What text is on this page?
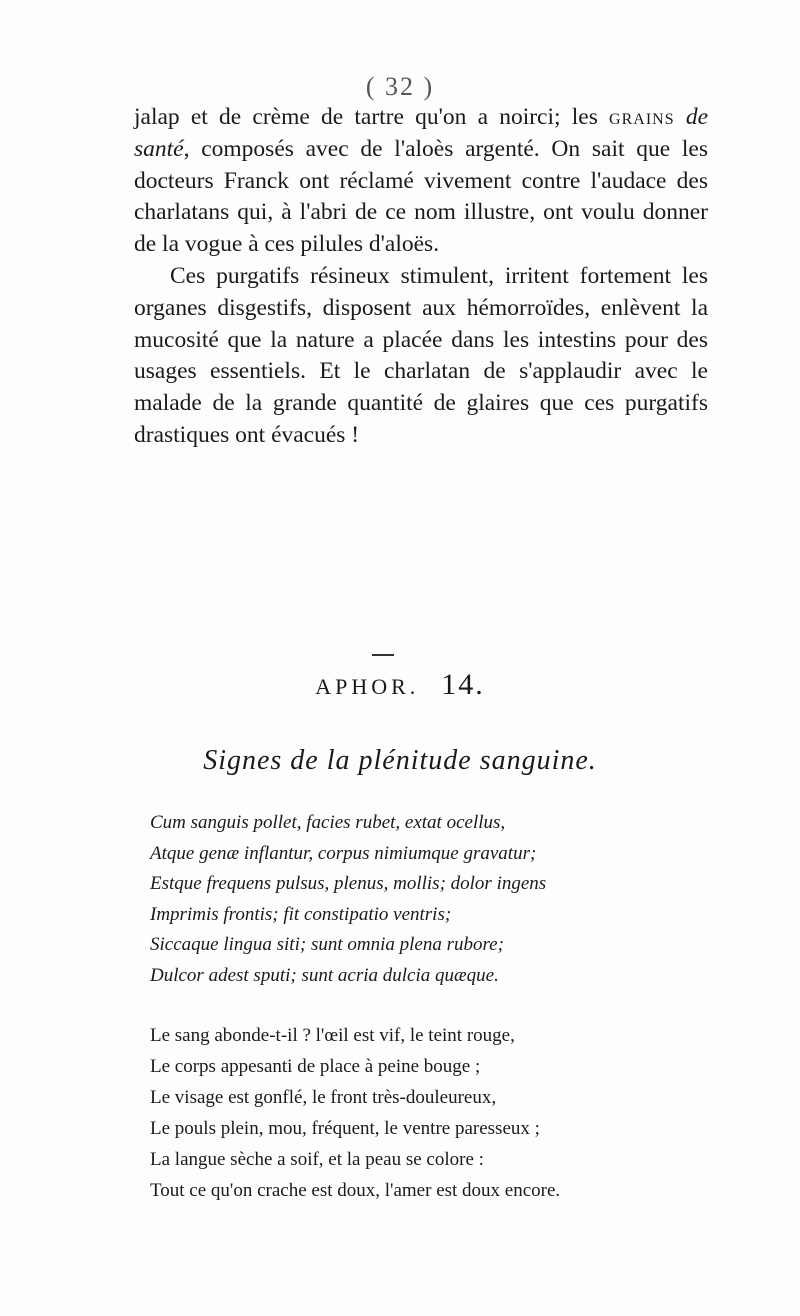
( 32 )

jalap et de crème de tartre qu'on a noirci; les grains de santé, composés avec de l'aloès argenté. On sait que les docteurs Franck ont réclamé vivement contre l'audace des charlatans qui, à l'abri de ce nom illustre, ont voulu donner de la vogue à ces pilules d'aloës.

Ces purgatifs résineux stimulent, irritent fortement les organes disgestifs, disposent aux hémorroïdes, enlèvent la mucosité que la nature a placée dans les intestins pour des usages essentiels. Et le charlatan de s'applaudir avec le malade de la grande quantité de glaires que ces purgatifs drastiques ont évacués !

APHOR. 14.
Signes de la plénitude sanguine.
Cum sanguis pollet, facies rubet, extat ocellus,
Atque genæ inflantur, corpus nimiumque gravatur;
Estque frequens pulsus, plenus, mollis; dolor ingens
Imprimis frontis; fit constipatio ventris;
Siccaque lingua siti; sunt omnia plena rubore;
Dulcor adest sputi; sunt acria dulcia quæque.
Le sang abonde-t-il ? l'œil est vif, le teint rouge,
Le corps appesanti de place à peine bouge ;
Le visage est gonflé, le front très-douleureux,
Le pouls plein, mou, fréquent, le ventre paresseux ;
La langue sèche a soif, et la peau se colore :
Tout ce qu'on crache est doux, l'amer est doux encore.
